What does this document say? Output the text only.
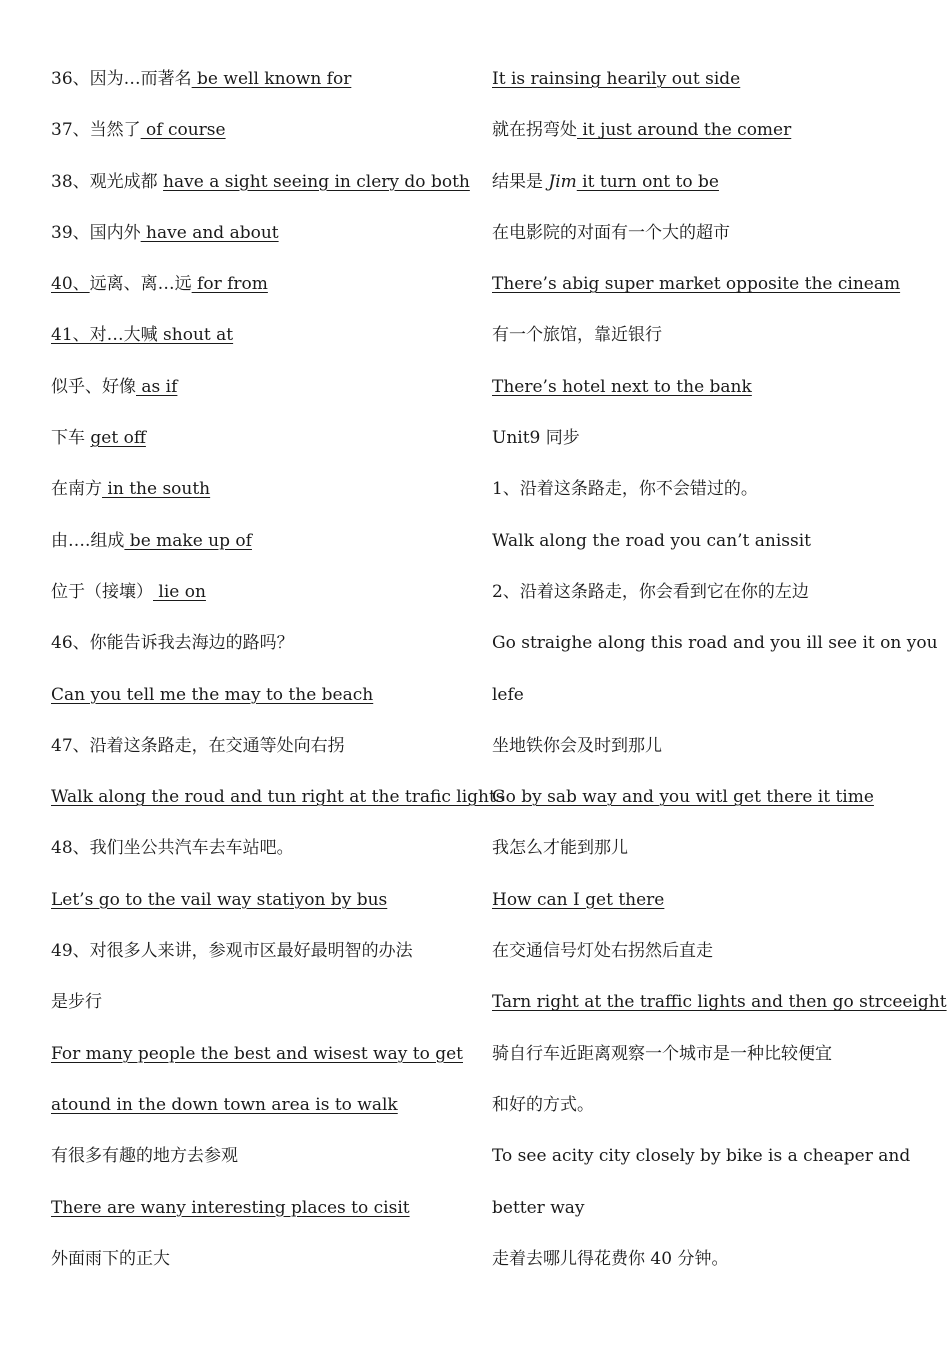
36、因为…而著名 be well known for
37、当然了 of course
38、观光成都 have a sight seeing in clery do both
39、国内外 have and about
40、远离、离…远 for from
41、对…大喊 shout at
似乎、好像 as if
下车 get off
在南方 in the south
由….组成 be make up of
位于（接壤） lie on
46、你能告诉我去海边的路吗？
Can you tell me the may to the beach
47、沿着这条路走，在交通等处向右拐
Walk along the roud and tun right at the trafic lights
48、我们坐公共汽车去车站吧。
Let’s go to the vail way statiyon by bus
49、对很多人来讲，参观市区最好最明智的办法
是步行
For many people the best and wisest way to get
atound in the down town area is to walk
有很多有趣的地方去参观
There are wany interesting places to cisit
外面雨下的正大
It is rainsing hearily out side
就在拐弯处 it just around the comer
结果是 Jim it turn ont to be
在电影院的对面有一个大的超市
There’s abig super market opposite the cineam
有一个旅馆，靠近银行
There’s hotel next to the bank
Unit9 同步
1、沿着这条路走，你不会错过的。
Walk along the road you can’t anissit
2、沿着这条路走，你会看到它在你的左边
Go straighe along this road and you ill see it on you
lefe
坐地铁你会及时到那儿
Go by sab way and you witl get there it time
我怎么才能到那儿
How can I get there
在交通信号灯处右拐然后直走
Tarn right at the traffic lights and then go strceeight
骑自行车近距离观察一个城市是一种比较便宜
和好的方式。
To see acity city closely by bike is a cheaper and
better way
走着去哪儿得花费你 40 分钟。
